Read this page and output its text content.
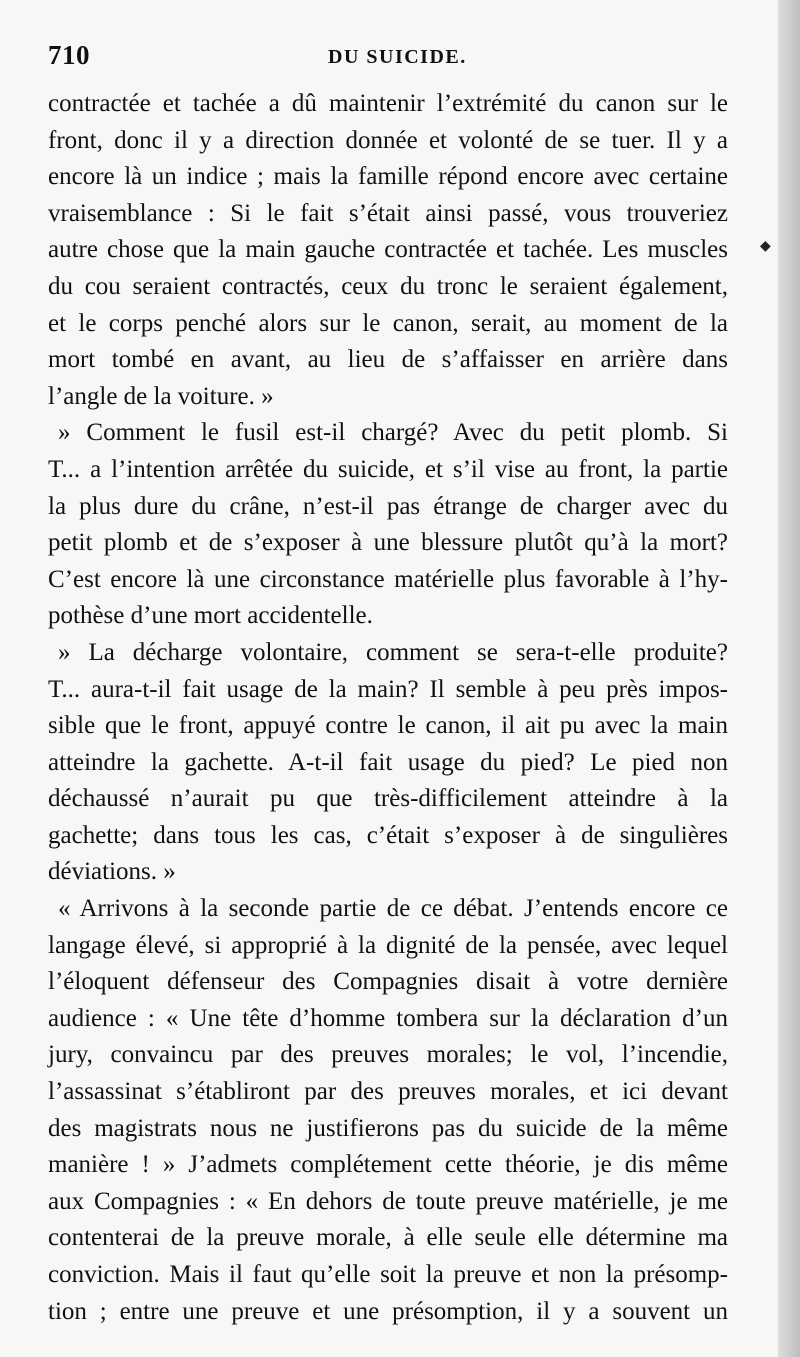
710	DU SUICIDE.
◆
contractée et tachée a dû maintenir l’extrémité du canon sur le
front, donc il y a direction donnée et volonté de se tuer. Il y a
encore là un indice ; mais la famille répond encore avec certaine
vraisemblance : Si le fait s’était ainsi passé, vous trouveriez
autre chose que la main gauche contractée et tachée. Les muscles
du cou seraient contractés, ceux du tronc le seraient également,
et le corps penché alors sur le canon, serait, au moment de la
mort tombé en avant, au lieu de s’affaisser en arrière dans
l’angle de la voiture. »
» Comment le fusil est-il chargé? Avec du petit plomb. Si
T... a l’intention arrêtée du suicide, et s’il vise au front, la partie
la plus dure du crâne, n’est-il pas étrange de charger avec du
petit plomb et de s’exposer à une blessure plutôt qu’à la mort?
C’est encore là une circonstance matérielle plus favorable à l’hy-
pothèse d’une mort accidentelle.
» La décharge volontaire, comment se sera-t-elle produite?
T... aura-t-il fait usage de la main? Il semble à peu près impos-
sible que le front, appuyé contre le canon, il ait pu avec la main
atteindre la gachette. A-t-il fait usage du pied? Le pied non
déchaussé n’aurait pu que très-difficilement atteindre à la
gachette; dans tous les cas, c’était s’exposer à de singulières
déviations. »
« Arrivons à la seconde partie de ce débat. J’entends encore ce
langage élevé, si approprié à la dignité de la pensée, avec lequel
l’éloquent défenseur des Compagnies disait à votre dernière
audience : « Une tête d’homme tombera sur la déclaration d’un
jury, convaincu par des preuves morales; le vol, l’incendie,
l’assassinat s’établiront par des preuves morales, et ici devant
des magistrats nous ne justifierons pas du suicide de la même
manière ! » J’admets complétement cette théorie, je dis même
aux Compagnies : « En dehors de toute preuve matérielle, je me
contenterai de la preuve morale, à elle seule elle détermine ma
conviction. Mais il faut qu’elle soit la preuve et non la présomp-
tion ; entre une preuve et une présomption, il y a souvent un
